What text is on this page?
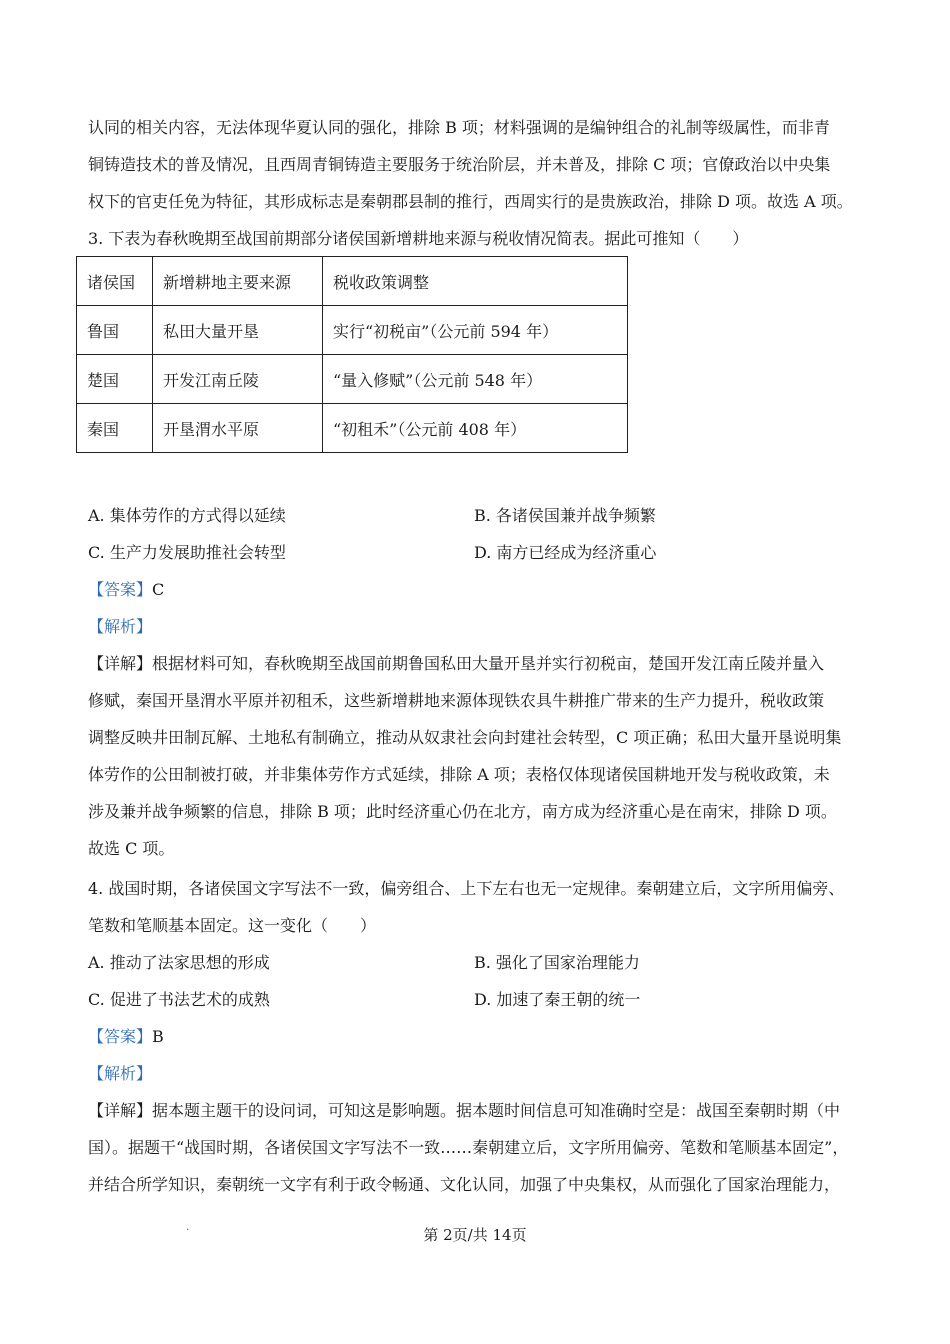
认同的相关内容，无法体现华夏认同的强化，排除 B 项；材料强调的是编钟组合的礼制等级属性，而非青
铜铸造技术的普及情况，且西周青铜铸造主要服务于统治阶层，并未普及，排除 C 项；官僚政治以中央集
权下的官吏任免为特征，其形成标志是秦朝郡县制的推行，西周实行的是贵族政治，排除 D 项。故选 A 项。
3. 下表为春秋晚期至战国前期部分诸侯国新增耕地来源与税收情况简表。据此可推知（　　）
诸侯国	新增耕地主要来源	税收政策调整
鲁国	私田大量开垦	实行“初税亩”（公元前 594 年）
楚国	开发江南丘陵	“量入修赋”（公元前 548 年）
秦国	开垦渭水平原	“初租禾”（公元前 408 年）
A. 集体劳作的方式得以延续	B. 各诸侯国兼并战争频繁
C. 生产力发展助推社会转型	D. 南方已经成为经济重心
【答案】C
【解析】
【详解】根据材料可知，春秋晚期至战国前期鲁国私田大量开垦并实行初税亩，楚国开发江南丘陵并量入
修赋，秦国开垦渭水平原并初租禾，这些新增耕地来源体现铁农具牛耕推广带来的生产力提升，税收政策
调整反映井田制瓦解、土地私有制确立，推动从奴隶社会向封建社会转型，C 项正确；私田大量开垦说明集
体劳作的公田制被打破，并非集体劳作方式延续，排除 A 项；表格仅体现诸侯国耕地开发与税收政策，未
涉及兼并战争频繁的信息，排除 B 项；此时经济重心仍在北方，南方成为经济重心是在南宋，排除 D 项。
故选 C 项。
4. 战国时期，各诸侯国文字写法不一致，偏旁组合、上下左右也无一定规律。秦朝建立后，文字所用偏旁、
笔数和笔顺基本固定。这一变化（　　）
A. 推动了法家思想的形成	B. 强化了国家治理能力
C. 促进了书法艺术的成熟	D. 加速了秦王朝的统一
【答案】B
【解析】
【详解】据本题主题干的设问词，可知这是影响题。据本题时间信息可知准确时空是：战国至秦朝时期（中
国）。据题干“战国时期，各诸侯国文字写法不一致……秦朝建立后，文字所用偏旁、笔数和笔顺基本固定”，
并结合所学知识，秦朝统一文字有利于政令畅通、文化认同，加强了中央集权，从而强化了国家治理能力，
.	第 2页/共 14页
